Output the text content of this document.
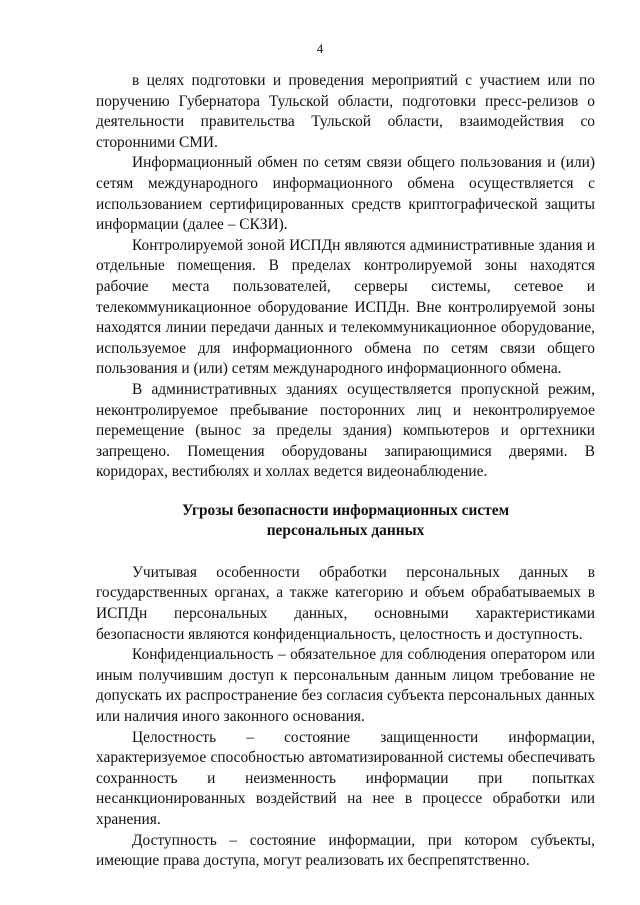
4

в целях подготовки и проведения мероприятий с участием или по поручению Губернатора Тульской области, подготовки пресс-релизов о деятельности правительства Тульской области, взаимодействия со сторонними СМИ.

Информационный обмен по сетям связи общего пользования и (или) сетям международного информационного обмена осуществляется с использованием сертифицированных средств криптографической защиты информации (далее – СКЗИ).

Контролируемой зоной ИСПДн являются административные здания и отдельные помещения. В пределах контролируемой зоны находятся рабочие места пользователей, серверы системы, сетевое и телекоммуникационное оборудование ИСПДн. Вне контролируемой зоны находятся линии передачи данных и телекоммуникационное оборудование, используемое для информационного обмена по сетям связи общего пользования и (или) сетям международного информационного обмена.

В административных зданиях осуществляется пропускной режим, неконтролируемое пребывание посторонних лиц и неконтролируемое перемещение (вынос за пределы здания) компьютеров и оргтехники запрещено. Помещения оборудованы запирающимися дверями. В коридорах, вестибюлях и холлах ведется видеонаблюдение.

Угрозы безопасности информационных систем
персональных данных

Учитывая особенности обработки персональных данных в государственных органах, а также категорию и объем обрабатываемых в ИСПДн персональных данных, основными характеристиками безопасности являются конфиденциальность, целостность и доступность.

Конфиденциальность – обязательное для соблюдения оператором или иным получившим доступ к персональным данным лицом требование не допускать их распространение без согласия субъекта персональных данных или наличия иного законного основания.

Целостность – состояние защищенности информации, характеризуемое способностью автоматизированной системы обеспечивать сохранность и неизменность информации при попытках несанкционированных воздействий на нее в процессе обработки или хранения.

Доступность – состояние информации, при котором субъекты, имеющие права доступа, могут реализовать их беспрепятственно.
